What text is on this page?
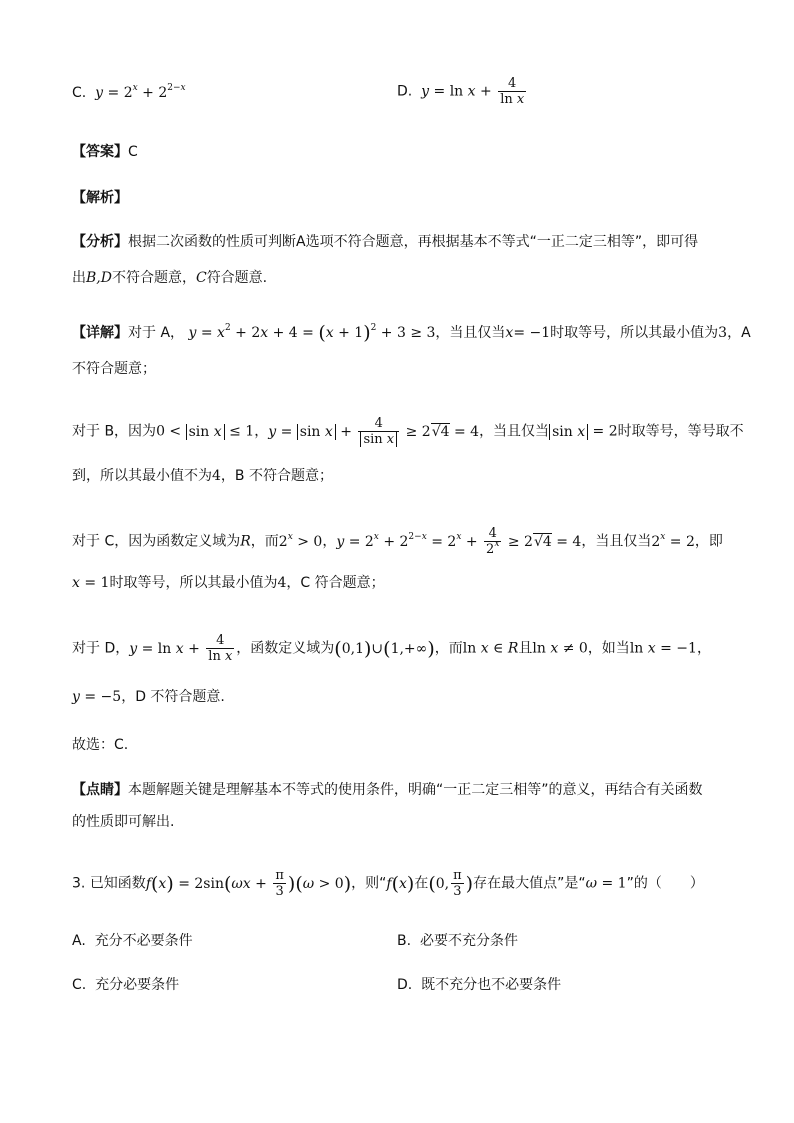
C. $y = 2^x + 2^{2-x}$	D. $y = \ln x + \frac{4}{\text{ln x}}$
【答案】C
【解析】
【分析】根据二次函数的性质可判断A选项不符合题意，再根据基本不等式“一正二定三相等”，即可得
出B,D不符合题意，C符合题意.
【详解】对于 A， $y = x^2 + 2x + 4 = (x + 1)^2 + 3 \ge 3$，当且仅当x= −1时取等号，所以其最小值为3，A
不符合题意；
对于 B，因为0 < sin x ≤ 1，$y = \sin x + \frac{4}{\text{sin x}} \ge 2√4 = 4$，当且仅当 sin x = 2时取等号，等号取不
到，所以其最小值不为4，B 不符合题意；
对于 C，因为函数定义域为R，而$2^x > 0$，$y = 2^x + 2^{2-x} = 2^x + \frac{4}{2^x} \ge 2√4 = 4$，当且仅当$2^x = 2$，即
x = 1时取等号，所以其最小值为4，C 符合题意；
对于 D，$y = \ln x + \frac{4}{\text{ln x}}$ ，函数定义域为(0,1)∪(1,+∞)，而ln x ∈ R且ln x ≠ 0，如当ln x = −1，
y = −5，D 不符合题意.
故选：C.
【点睛】本题解题关键是理解基本不等式的使用条件，明确“一正二定三相等”的意义，再结合有关函数
的性质即可解出.
3. 已知函数$f(x) = 2\sin(\omega x + \frac{\pi}{3} )(\omega > 0)$，则“f(x)在(0, $\frac{\pi}{3}$ )存在最大值点”是“ω = 1”的（　　）
A. 充分不必要条件	B. 必要不充分条件
C. 充分必要条件	D. 既不充分也不必要条件
